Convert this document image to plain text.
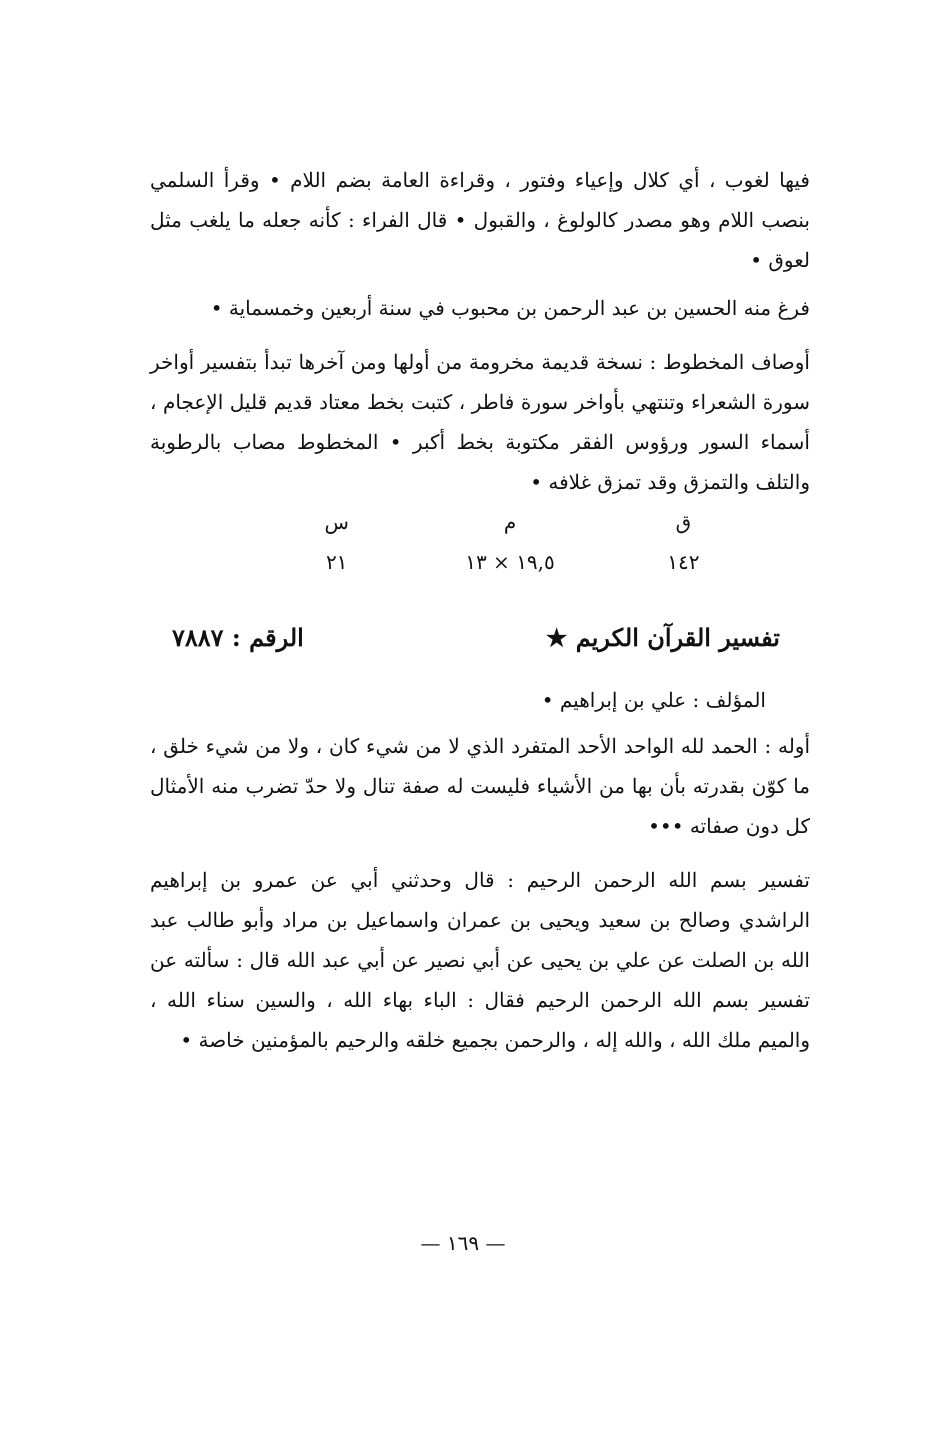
فيها لغوب ، أي كلال وإعياء وفتور ، وقراءة العامة بضم اللام • وقرأ السلمي بنصب اللام وهو مصدر كالولوغ ، والقبول • قال الفراء : كأنه جعله ما يلغب مثل لعوق •

فرغ منه الحسين بن عبد الرحمن بن محبوب في سنة أربعين وخمسماية •

أوصاف المخطوط : نسخة قديمة مخرومة من أولها ومن آخرها تبدأ بتفسير أواخر سورة الشعراء وتنتهي بأواخر سورة فاطر ، كتبت بخط معتاد قديم قليل الإعجام ، أسماء السور ورؤوس الفقر مكتوبة بخط أكبر • المخطوط مصاب بالرطوبة والتلف والتمزق وقد تمزق غلافه •

ق
م
س
١٤٢
١٩,٥ × ١٣
٢١
تفسير القرآن الكريم ★
الرقم : ٧٨٨٧

المؤلف : علي بن إبراهيم •

أوله : الحمد لله الواحد الأحد المتفرد الذي لا من شيء كان ، ولا من شيء خلق ، ما كوّن بقدرته بأن بها من الأشياء فليست له صفة تنال ولا حدّ تضرب منه الأمثال كل دون صفاته •••

تفسير بسم الله الرحمن الرحيم : قال وحدثني أبي عن عمرو بن إبراهيم الراشدي وصالح بن سعيد ويحيى بن عمران واسماعيل بن مراد وأبو طالب عبد الله بن الصلت عن علي بن يحيى عن أبي نصير عن أبي عبد الله قال : سألته عن تفسير بسم الله الرحمن الرحيم فقال : الباء بهاء الله ، والسين سناء الله ، والميم ملك الله ، والله إله ، والرحمن بجميع خلقه والرحيم بالمؤمنين خاصة •

— ١٦٩ —
